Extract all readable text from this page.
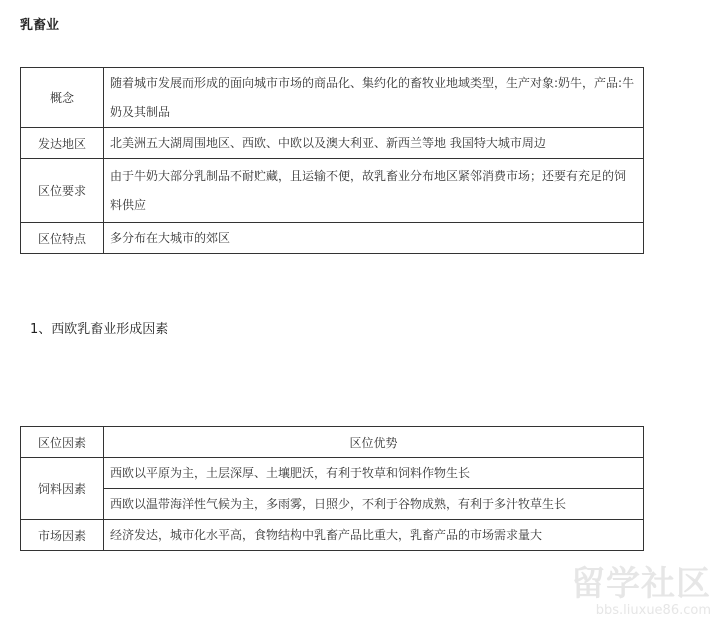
乳畜业
概念	随着城市发展而形成的面向城市市场的商品化、集约化的畜牧业地域类型，生产对象:奶牛，产品:牛奶及其制品
发达地区	北美洲五大湖周围地区、西欧、中欧以及澳大利亚、新西兰等地 我国特大城市周边
区位要求	由于牛奶大部分乳制品不耐贮藏，且运输不便，故乳畜业分布地区紧邻消费市场；还要有充足的饲料供应
区位特点	多分布在大城市的郊区
1、西欧乳畜业形成因素
区位因素	区位优势
饲料因素	西欧以平原为主，土层深厚、土壤肥沃，有利于牧草和饲料作物生长
	西欧以温带海洋性气候为主，多雨雾，日照少，不利于谷物成熟，有利于多汁牧草生长
市场因素	经济发达，城市化水平高，食物结构中乳畜产品比重大，乳畜产品的市场需求量大
留学社区
bbs.liuxue86.com
